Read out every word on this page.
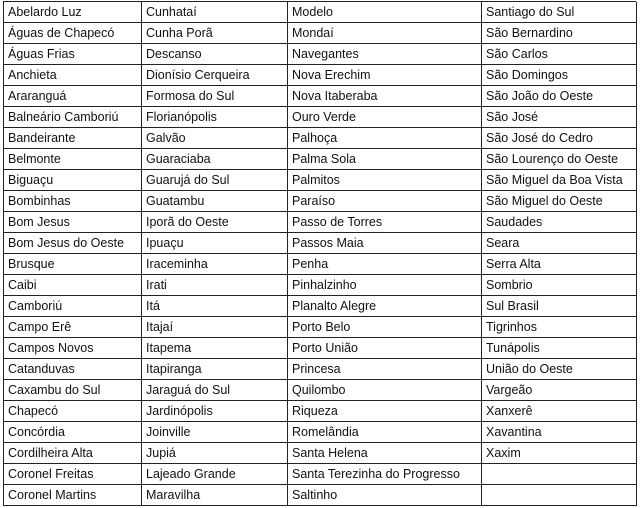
Abelardo Luz	Cunhataí	Modelo	Santiago do Sul
Águas de Chapecó	Cunha Porã	Mondaí	São Bernardino
Águas Frias	Descanso	Navegantes	São Carlos
Anchieta	Dionísio Cerqueira	Nova Erechim	São Domingos
Araranguá	Formosa do Sul	Nova Itaberaba	São João do Oeste
Balneário Camboriú	Florianópolis	Ouro Verde	São José
Bandeirante	Galvão	Palhoça	São José do Cedro
Belmonte	Guaraciaba	Palma Sola	São Lourenço do Oeste
Biguaçu	Guarujá do Sul	Palmitos	São Miguel da Boa Vista
Bombinhas	Guatambu	Paraíso	São Miguel do Oeste
Bom Jesus	Iporã do Oeste	Passo de Torres	Saudades
Bom Jesus do Oeste	Ipuaçu	Passos Maia	Seara
Brusque	Iraceminha	Penha	Serra Alta
Caibi	Irati	Pinhalzinho	Sombrio
Camboriú	Itá	Planalto Alegre	Sul Brasil
Campo Erê	Itajaí	Porto Belo	Tigrinhos
Campos Novos	Itapema	Porto União	Tunápolis
Catanduvas	Itapiranga	Princesa	União do Oeste
Caxambu do Sul	Jaraguá do Sul	Quilombo	Vargeão
Chapecó	Jardinópolis	Riqueza	Xanxerê
Concórdia	Joinville	Romelândia	Xavantina
Cordilheira Alta	Jupiá	Santa Helena	Xaxim
Coronel Freitas	Lajeado Grande	Santa Terezinha do Progresso
Coronel Martins	Maravilha	Saltinho
